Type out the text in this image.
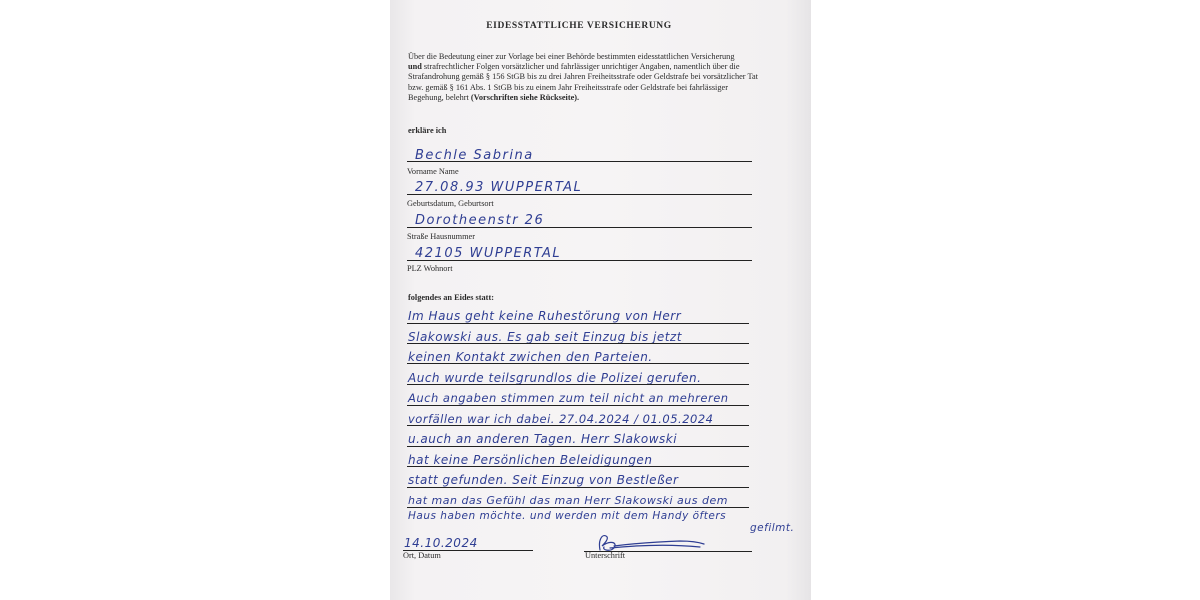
EIDESSTATTLICHE VERSICHERUNG
Über die Bedeutung einer zur Vorlage bei einer Behörde bestimmten eidesstattlichen Versicherung
und strafrechtlicher Folgen vorsätzlicher und fahrlässiger unrichtiger Angaben, namentlich über die Strafandrohung gemäß § 156 StGB bis zu drei Jahren Freiheitsstrafe oder Geldstrafe bei vorsätzlicher Tat bzw. gemäß § 161 Abs. 1 StGB bis zu einem Jahr Freiheitsstrafe oder Geldstrafe bei fahrlässiger Begehung, belehrt (Vorschriften siehe Rückseite).
erkläre ich
Bechle Sabrina
Vorname Name
27.08.93 WUPPERTAL
Geburtsdatum, Geburtsort
Dorotheenstr 26
Straße Hausnummer
42105 WUPPERTAL
PLZ Wohnort
folgendes an Eides statt:
Im Haus geht keine Ruhestörung von Herr
Slakowski aus. Es gab seit Einzug bis jetzt
keinen Kontakt zwichen den Parteien.
Auch wurde teilsgrundlos die Polizei gerufen.
Auch angaben stimmen zum teil nicht an mehreren
vorfällen war ich dabei. 27.04.2024 / 01.05.2024
u.auch an anderen Tagen. Herr Slakowski
hat keine Persönlichen Beleidigungen
statt gefunden. Seit Einzug von Bestleßer
hat man das Gefühl das man Herr Slakowski aus dem
Haus haben möchte. und werden mit dem Handy öfters
gefilmt.
14.10.2024
Ort, Datum	Unterschrift
